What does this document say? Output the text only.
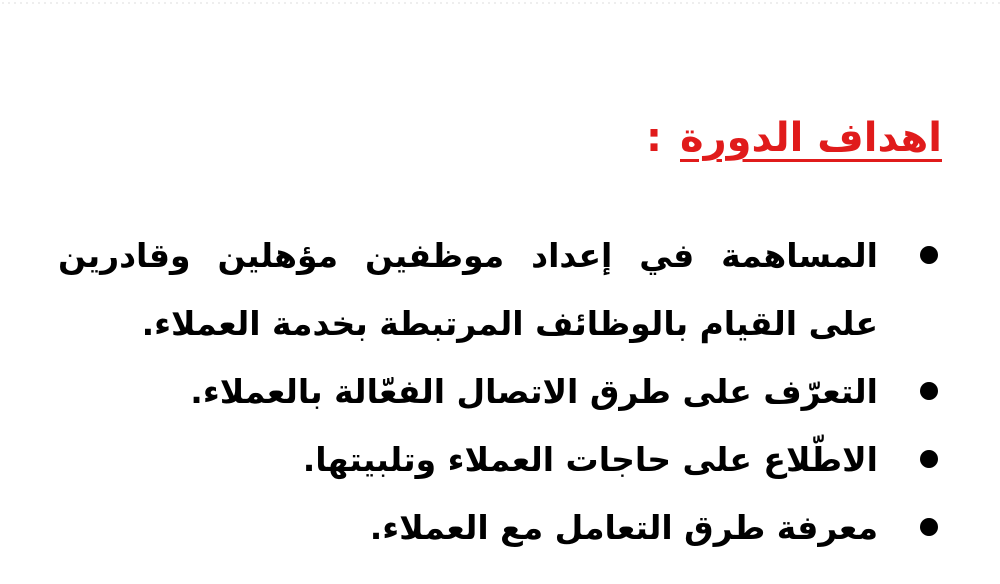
اهداف الدورة:
المساهمة في إعداد موظفين مؤهلين وقادرين
على القيام بالوظائف المرتبطة بخدمة العملاء.
التعرّف على طرق الاتصال الفعّالة بالعملاء.
الاطّلاع على حاجات العملاء وتلبيتها.
معرفة طرق التعامل مع العملاء.
